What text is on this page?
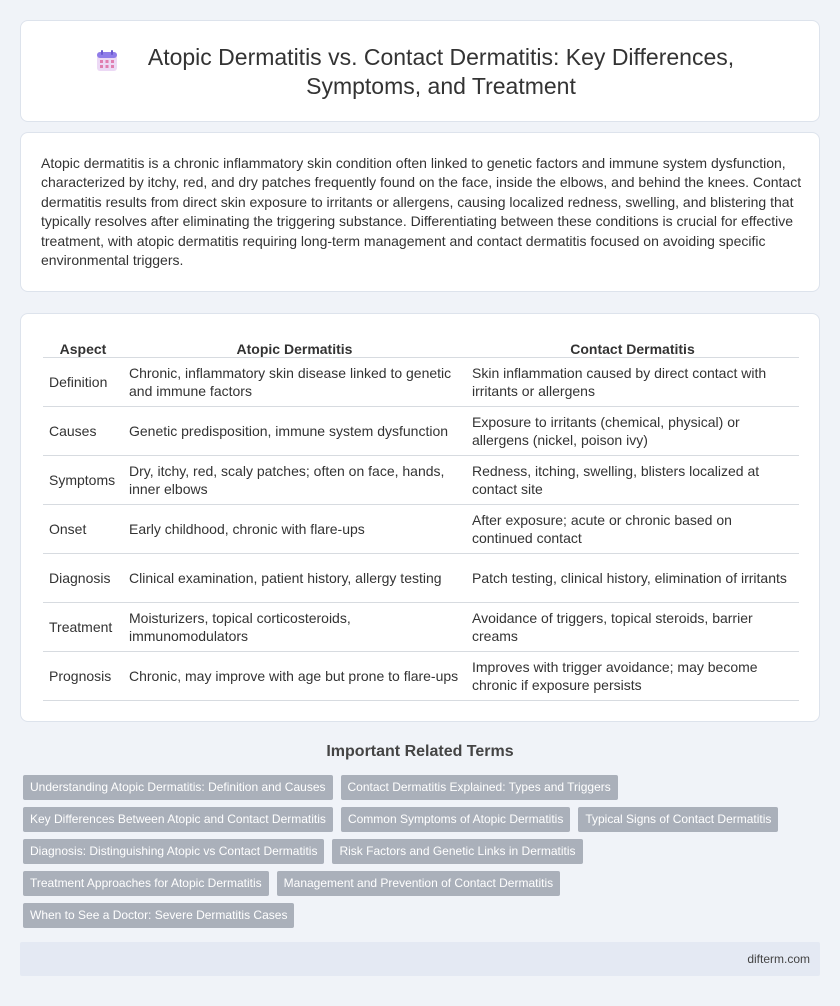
Atopic Dermatitis vs. Contact Dermatitis: Key Differences, Symptoms, and Treatment

Atopic dermatitis is a chronic inflammatory skin condition often linked to genetic factors and immune system dysfunction, characterized by itchy, red, and dry patches frequently found on the face, inside the elbows, and behind the knees. Contact dermatitis results from direct skin exposure to irritants or allergens, causing localized redness, swelling, and blistering that typically resolves after eliminating the triggering substance. Differentiating between these conditions is crucial for effective treatment, with atopic dermatitis requiring long-term management and contact dermatitis focused on avoiding specific environmental triggers.

Aspect	Atopic Dermatitis	Contact Dermatitis
Definition	Chronic, inflammatory skin disease linked to genetic and immune factors	Skin inflammation caused by direct contact with irritants or allergens
Causes	Genetic predisposition, immune system dysfunction	Exposure to irritants (chemical, physical) or allergens (nickel, poison ivy)
Symptoms	Dry, itchy, red, scaly patches; often on face, hands, inner elbows	Redness, itching, swelling, blisters localized at contact site
Onset	Early childhood, chronic with flare-ups	After exposure; acute or chronic based on continued contact
Diagnosis	Clinical examination, patient history, allergy testing	Patch testing, clinical history, elimination of irritants
Treatment	Moisturizers, topical corticosteroids, immunomodulators	Avoidance of triggers, topical steroids, barrier creams
Prognosis	Chronic, may improve with age but prone to flare-ups	Improves with trigger avoidance; may become chronic if exposure persists
Important Related Terms
Understanding Atopic Dermatitis: Definition and Causes	Contact Dermatitis Explained: Types and Triggers
Key Differences Between Atopic and Contact Dermatitis	Common Symptoms of Atopic Dermatitis	Typical Signs of Contact Dermatitis
Diagnosis: Distinguishing Atopic vs Contact Dermatitis	Risk Factors and Genetic Links in Dermatitis
Treatment Approaches for Atopic Dermatitis	Management and Prevention of Contact Dermatitis
When to See a Doctor: Severe Dermatitis Cases
difterm.com
